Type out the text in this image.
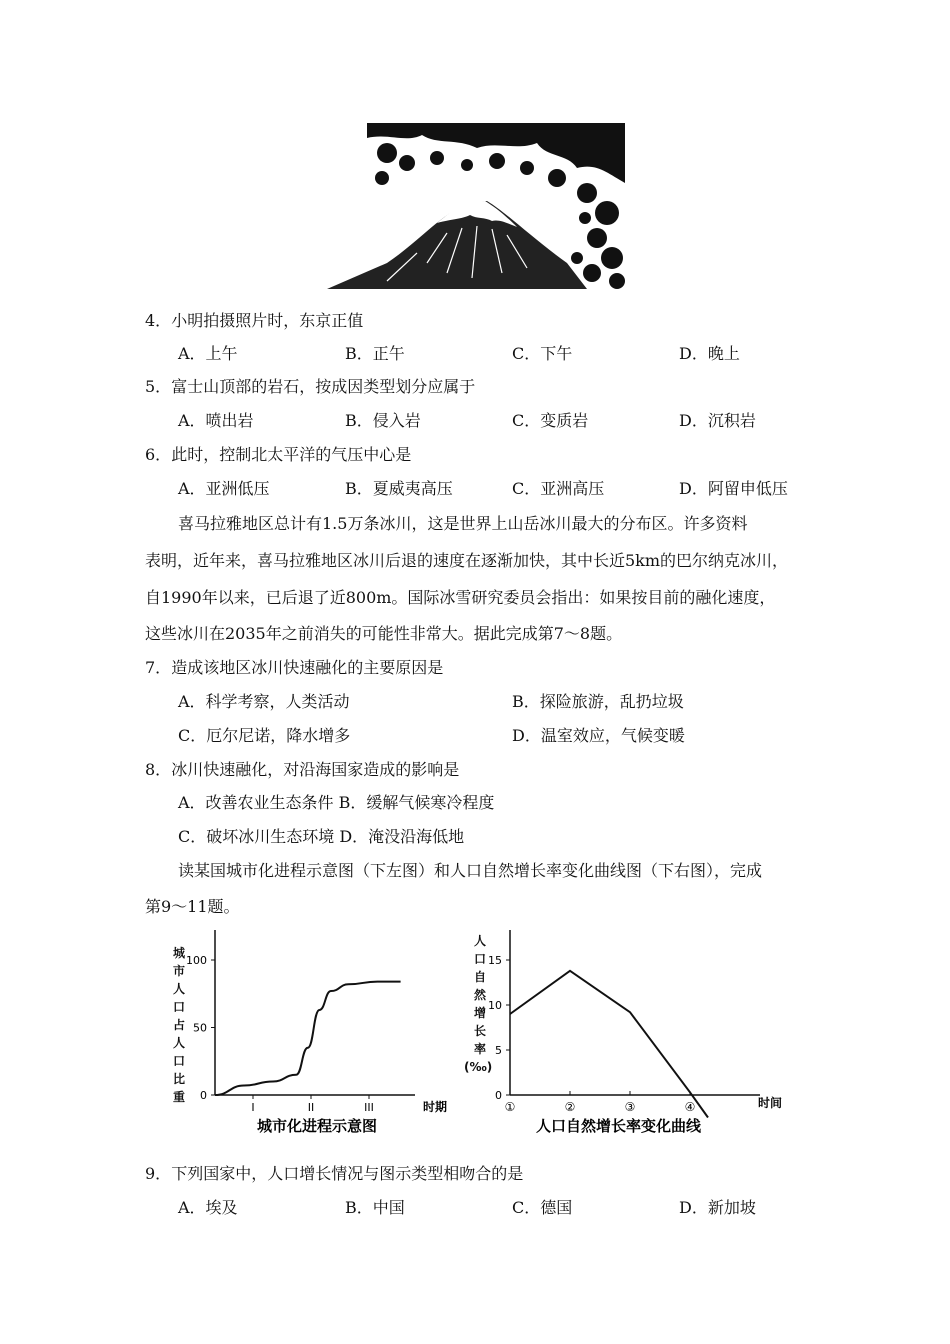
4．小明拍摄照片时，东京正值
A．上午	B．正午	C．下午	D．晚上
5．富士山顶部的岩石，按成因类型划分应属于
A．喷出岩	B．侵入岩	C．变质岩	D．沉积岩
6．此时，控制北太平洋的气压中心是
A．亚洲低压	B．夏威夷高压	C．亚洲高压	D．阿留申低压
喜马拉雅地区总计有1.5万条冰川，这是世界上山岳冰川最大的分布区。许多资料
表明，近年来，喜马拉雅地区冰川后退的速度在逐渐加快，其中长近5km的巴尔纳克冰川，
自1990年以来，已后退了近800m。国际冰雪研究委员会指出：如果按目前的融化速度，
这些冰川在2035年之前消失的可能性非常大。据此完成第7～8题。
7．造成该地区冰川快速融化的主要原因是
A．科学考察，人类活动	B．探险旅游，乱扔垃圾
C．厄尔尼诺，降水增多	D．温室效应，气候变暖
8．冰川快速融化，对沿海国家造成的影响是
A．改善农业生态条件 B．缓解气候寒冷程度
C．破坏冰川生态环境 D．淹没沿海低地
读某国城市化进程示意图（下左图）和人口自然增长率变化曲线图（下右图），完成
第9～11题。
城
市
人
口
占
人
口
比
重 0
50
100
I	II	III	时期
城市化进程示意图
人
口
自
然
增
长
率
(‰)
0
5
10
15
①	②	③	④	时间
人口自然增长率变化曲线
9．下列国家中，人口增长情况与图示类型相吻合的是
A．埃及	B．中国	C．德国	D．新加坡
